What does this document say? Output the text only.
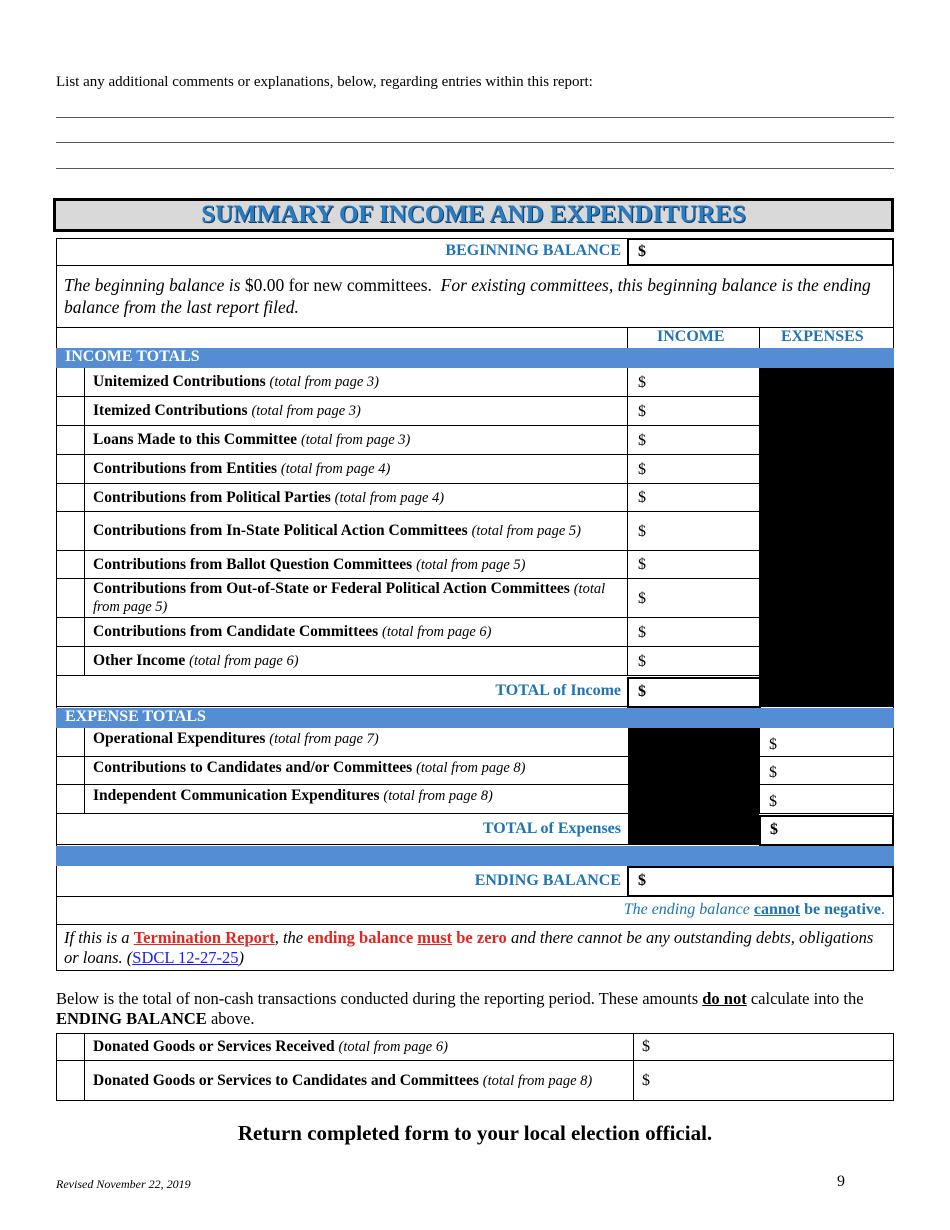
List any additional comments or explanations, below, regarding entries within this report:
SUMMARY OF INCOME AND EXPENDITURES
BEGINNING BALANCE $
The beginning balance is $0.00 for new committees. For existing committees, this beginning balance is the ending balance from the last report filed.
INCOME	EXPENSES
INCOME TOTALS
Unitemized Contributions (total from page 3)	$
Itemized Contributions (total from page 3)	$
Loans Made to this Committee (total from page 3)	$
Contributions from Entities (total from page 4)	$
Contributions from Political Parties (total from page 4)	$
Contributions from In-State Political Action Committees (total from page 5)	$
Contributions from Ballot Question Committees (total from page 5)	$
Contributions from Out-of-State or Federal Political Action Committees (total from page 5)
$
Contributions from Candidate Committees (total from page 6)	$
Other Income (total from page 6)	$
TOTAL of Income $
EXPENSE TOTALS
Operational Expenditures (total from page 7)	$
Contributions to Candidates and/or Committees (total from page 8)	$
Independent Communication Expenditures (total from page 8)	$
TOTAL of Expenses	$
ENDING BALANCE $
The ending balance cannot be negative.
If this is a Termination Report, the ending balance must be zero and there cannot be any outstanding debts, obligations or loans. (SDCL 12-27-25)
Below is the total of non-cash transactions conducted during the reporting period. These amounts do not calculate into the ENDING BALANCE above.
Donated Goods or Services Received (total from page 6)	$
Donated Goods or Services to Candidates and Committees (total from page 8)	$
Return completed form to your local election official.
Revised November 22, 2019	9
